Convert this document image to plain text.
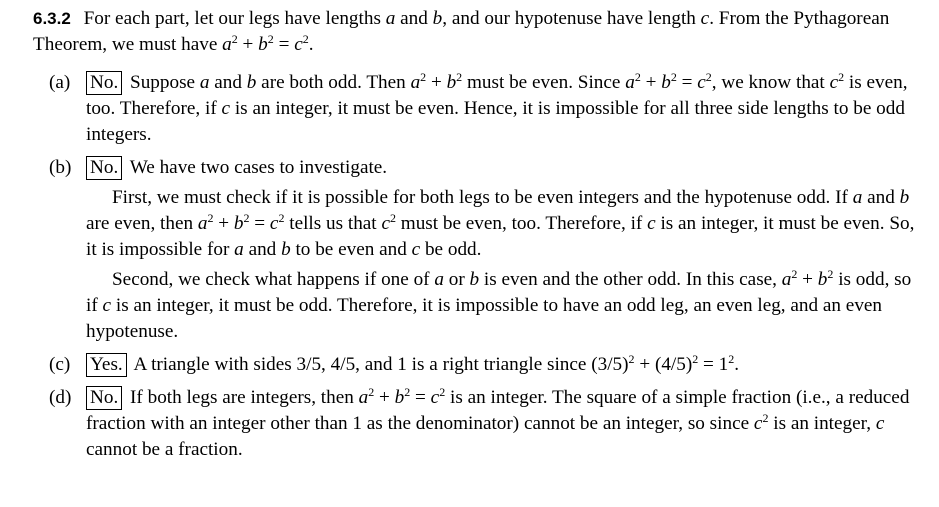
6.3.2 For each part, let our legs have lengths a and b, and our hypotenuse have length c. From the Pythagorean Theorem, we must have $a^2 + b^2 = c^2$.
(a) No. Suppose a and b are both odd. Then $a^2 + b^2$ must be even. Since $a^2 + b^2 = c^2$, we know that $c^2$ is even, too. Therefore, if c is an integer, it must be even. Hence, it is impossible for all three side lengths to be odd integers.
(b) No. We have two cases to investigate.
First, we must check if it is possible for both legs to be even integers and the hypotenuse odd. If a and b are even, then $a^2 + b^2 = c^2$ tells us that $c^2$ must be even, too. Therefore, if c is an integer, it must be even. So, it is impossible for a and b to be even and c be odd.
Second, we check what happens if one of a or b is even and the other odd. In this case, $a^2 + b^2$ is odd, so if c is an integer, it must be odd. Therefore, it is impossible to have an odd leg, an even leg, and an even hypotenuse.
(c) Yes. A triangle with sides 3/5, 4/5, and 1 is a right triangle since $(3/5)^2 + (4/5)^2 = 1^2$.
(d) No. If both legs are integers, then $a^2 + b^2 = c^2$ is an integer. The square of a simple fraction (i.e., a reduced fraction with an integer other than 1 as the denominator) cannot be an integer, so since $c^2$ is an integer, c cannot be a fraction.
